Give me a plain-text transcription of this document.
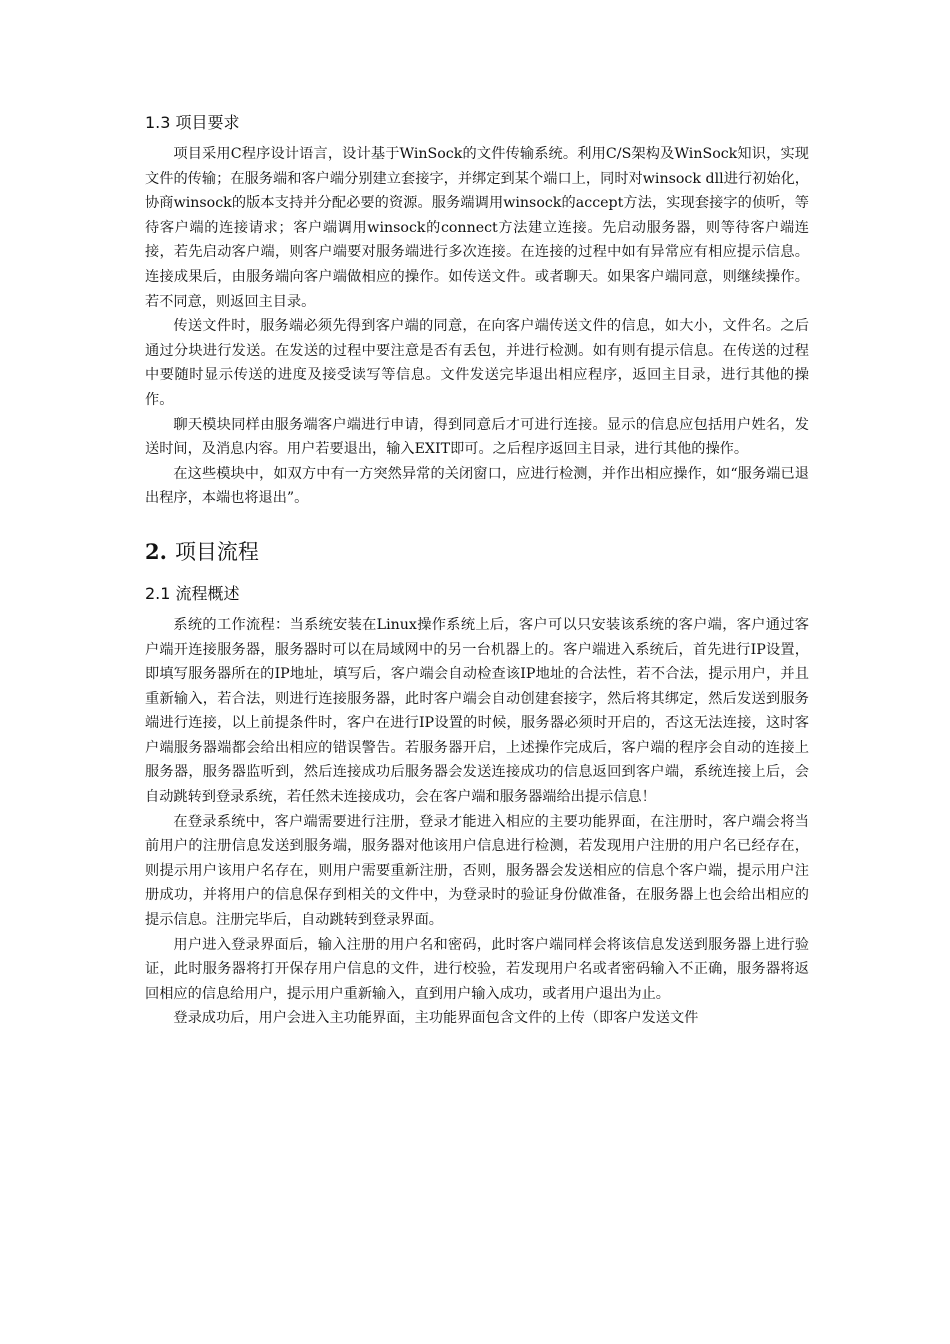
1.3 项目要求

项目采用C程序设计语言，设计基于WinSock的文件传输系统。利用C/S架构及WinSock知识，实现文件的传输；在服务端和客户端分别建立套接字，并绑定到某个端口上，同时对winsock dll进行初始化，协商winsock的版本支持并分配必要的资源。服务端调用winsock的accept方法，实现套接字的侦听，等待客户端的连接请求；客户端调用winsock的connect方法建立连接。先启动服务器，则等待客户端连接，若先启动客户端，则客户端要对服务端进行多次连接。在连接的过程中如有异常应有相应提示信息。连接成果后，由服务端向客户端做相应的操作。如传送文件。或者聊天。如果客户端同意，则继续操作。若不同意，则返回主目录。

传送文件时，服务端必须先得到客户端的同意，在向客户端传送文件的信息，如大小，文件名。之后通过分块进行发送。在发送的过程中要注意是否有丢包，并进行检测。如有则有提示信息。在传送的过程中要随时显示传送的进度及接受读写等信息。文件发送完毕退出相应程序，返回主目录，进行其他的操作。

聊天模块同样由服务端客户端进行申请，得到同意后才可进行连接。显示的信息应包括用户姓名，发送时间，及消息内容。用户若要退出，输入EXIT即可。之后程序返回主目录，进行其他的操作。

在这些模块中，如双方中有一方突然异常的关闭窗口，应进行检测，并作出相应操作，如“服务端已退出程序，本端也将退出”。

2. 项目流程
2.1 流程概述

系统的工作流程：当系统安装在Linux操作系统上后，客户可以只安装该系统的客户端，客户通过客户端开连接服务器，服务器时可以在局域网中的另一台机器上的。客户端进入系统后，首先进行IP设置，即填写服务器所在的IP地址，填写后，客户端会自动检查该IP地址的合法性，若不合法，提示用户，并且重新输入，若合法，则进行连接服务器，此时客户端会自动创建套接字，然后将其绑定，然后发送到服务端进行连接，以上前提条件时，客户在进行IP设置的时候，服务器必须时开启的，否这无法连接，这时客户端服务器端都会给出相应的错误警告。若服务器开启，上述操作完成后，客户端的程序会自动的连接上服务器，服务器监听到，然后连接成功后服务器会发送连接成功的信息返回到客户端，系统连接上后，会自动跳转到登录系统，若任然未连接成功，会在客户端和服务器端给出提示信息！

在登录系统中，客户端需要进行注册，登录才能进入相应的主要功能界面，在注册时，客户端会将当前用户的注册信息发送到服务端，服务器对他该用户信息进行检测，若发现用户注册的用户名已经存在，则提示用户该用户名存在，则用户需要重新注册，否则，服务器会发送相应的信息个客户端，提示用户注册成功，并将用户的信息保存到相关的文件中，为登录时的验证身份做准备，在服务器上也会给出相应的提示信息。注册完毕后，自动跳转到登录界面。

用户进入登录界面后，输入注册的用户名和密码，此时客户端同样会将该信息发送到服务器上进行验证，此时服务器将打开保存用户信息的文件，进行校验，若发现用户名或者密码输入不正确，服务器将返回相应的信息给用户，提示用户重新输入，直到用户输入成功，或者用户退出为止。

登录成功后，用户会进入主功能界面，主功能界面包含文件的上传（即客户发送文件
